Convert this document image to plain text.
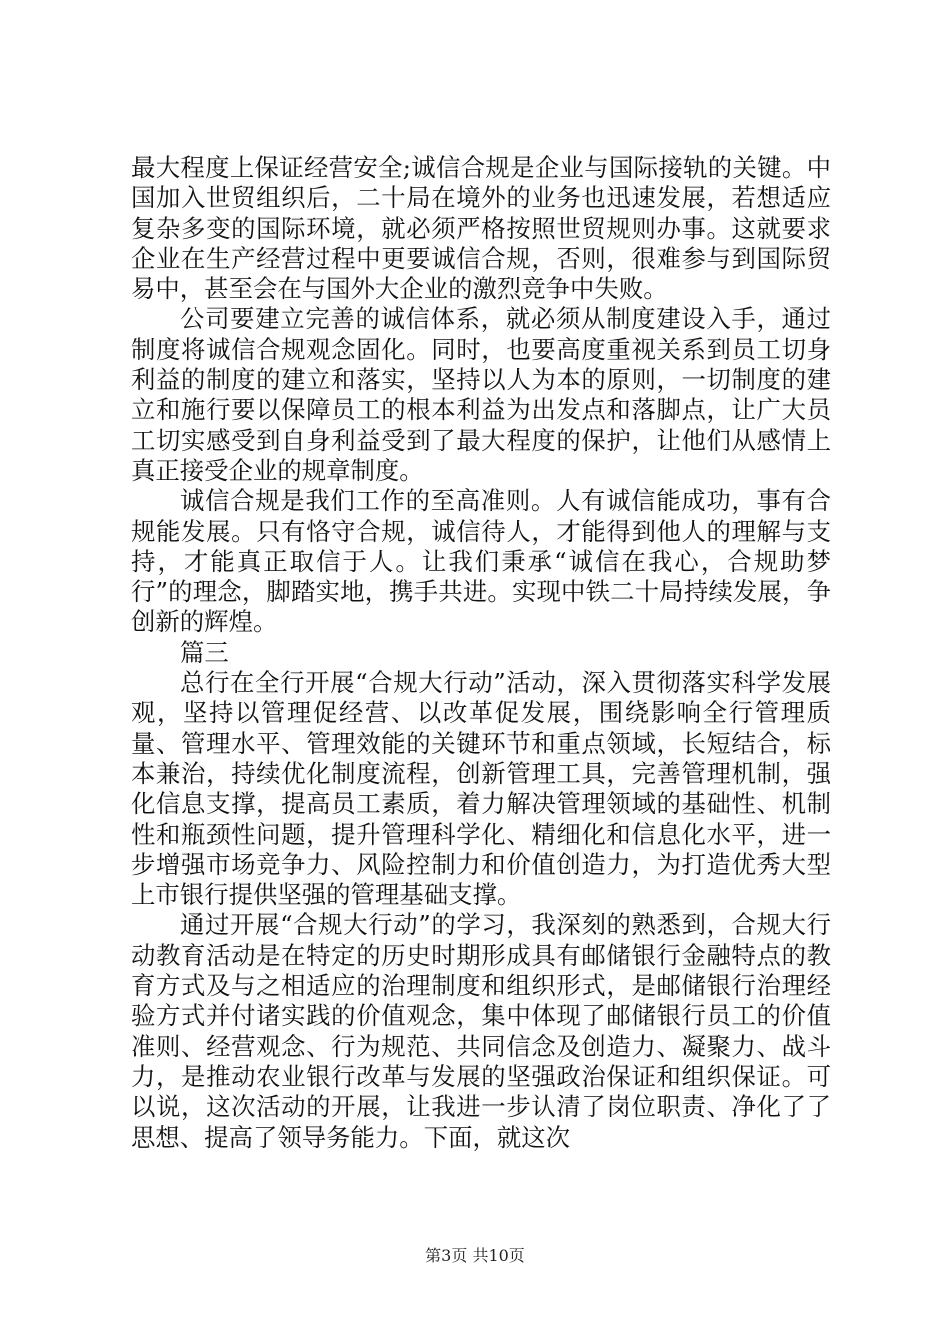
最大程度上保证经营安全;诚信合规是企业与国际接轨的关键。中国加入世贸组织后，二十局在境外的业务也迅速发展，若想适应复杂多变的国际环境，就必须严格按照世贸规则办事。这就要求企业在生产经营过程中更要诚信合规，否则，很难参与到国际贸易中，甚至会在与国外大企业的激烈竞争中失败。

公司要建立完善的诚信体系，就必须从制度建设入手，通过制度将诚信合规观念固化。同时，也要高度重视关系到员工切身利益的制度的建立和落实，坚持以人为本的原则，一切制度的建立和施行要以保障员工的根本利益为出发点和落脚点，让广大员工切实感受到自身利益受到了最大程度的保护，让他们从感情上真正接受企业的规章制度。

诚信合规是我们工作的至高准则。人有诚信能成功，事有合规能发展。只有恪守合规，诚信待人，才能得到他人的理解与支持，才能真正取信于人。让我们秉承“诚信在我心，合规助梦行”的理念，脚踏实地，携手共进。实现中铁二十局持续发展，争创新的辉煌。

篇三

总行在全行开展“合规大行动”活动，深入贯彻落实科学发展观，坚持以管理促经营、以改革促发展，围绕影响全行管理质量、管理水平、管理效能的关键环节和重点领域，长短结合，标本兼治，持续优化制度流程，创新管理工具，完善管理机制，强化信息支撑，提高员工素质，着力解决管理领域的基础性、机制性和瓶颈性问题，提升管理科学化、精细化和信息化水平，进一步增强市场竞争力、风险控制力和价值创造力，为打造优秀大型上市银行提供坚强的管理基础支撑。

通过开展“合规大行动”的学习，我深刻的熟悉到，合规大行动教育活动是在特定的历史时期形成具有邮储银行金融特点的教育方式及与之相适应的治理制度和组织形式，是邮储银行治理经验方式并付诸实践的价值观念，集中体现了邮储银行员工的价值准则、经营观念、行为规范、共同信念及创造力、凝聚力、战斗力，是推动农业银行改革与发展的坚强政治保证和组织保证。可以说，这次活动的开展，让我进一步认清了岗位职责、净化了了思想、提高了领导务能力。下面，就这次

第3页 共10页
